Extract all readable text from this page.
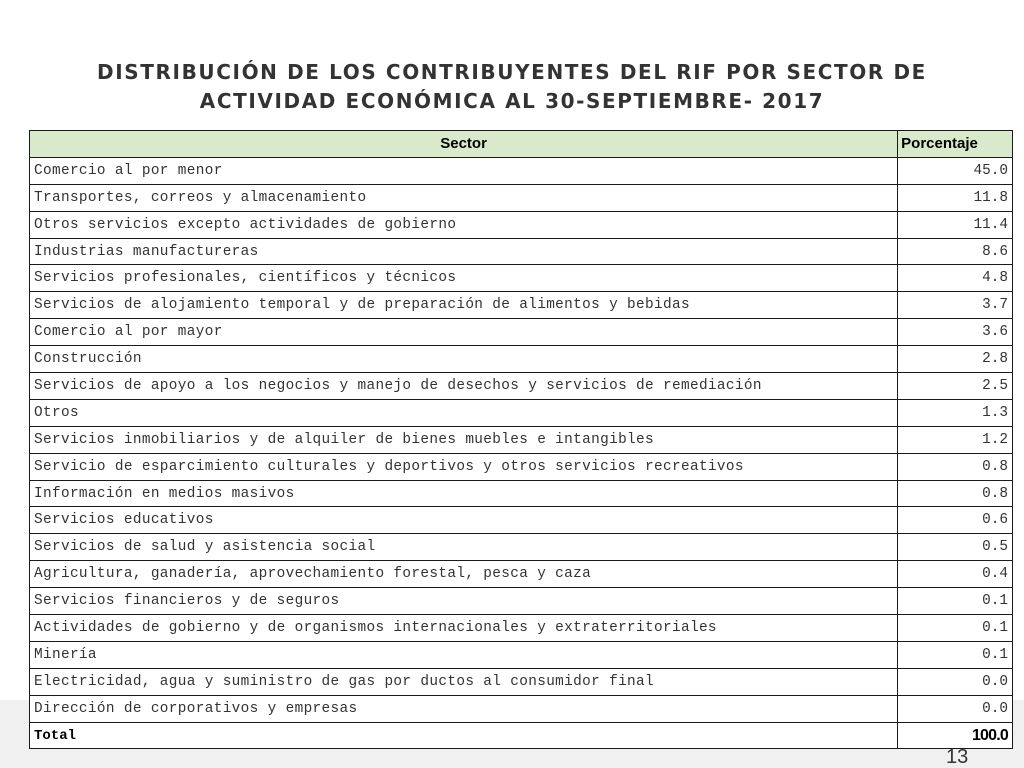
DISTRIBUCIÓN DE LOS CONTRIBUYENTES DEL RIF POR SECTOR DE
ACTIVIDAD ECONÓMICA AL 30-SEPTIEMBRE- 2017
Sector	Porcentaje
Comercio al por menor	45.0
Transportes, correos y almacenamiento	11.8
Otros servicios excepto actividades de gobierno	11.4
Industrias manufactureras	8.6
Servicios profesionales, científicos y técnicos	4.8
Servicios de alojamiento temporal y de preparación de alimentos y bebidas	3.7
Comercio al por mayor	3.6
Construcción	2.8
Servicios de apoyo a los negocios y manejo de desechos y servicios de remediación	2.5
Otros	1.3
Servicios inmobiliarios y de alquiler de bienes muebles e intangibles	1.2
Servicio de esparcimiento culturales y deportivos y otros servicios recreativos	0.8
Información en medios masivos	0.8
Servicios educativos	0.6
Servicios de salud y asistencia social	0.5
Agricultura, ganadería, aprovechamiento forestal, pesca y caza	0.4
Servicios financieros y de seguros	0.1
Actividades de gobierno y de organismos internacionales y extraterritoriales	0.1
Minería	0.1
Electricidad, agua y suministro de gas por ductos al consumidor final	0.0
Dirección de corporativos y empresas	0.0
Total	100.0
13
